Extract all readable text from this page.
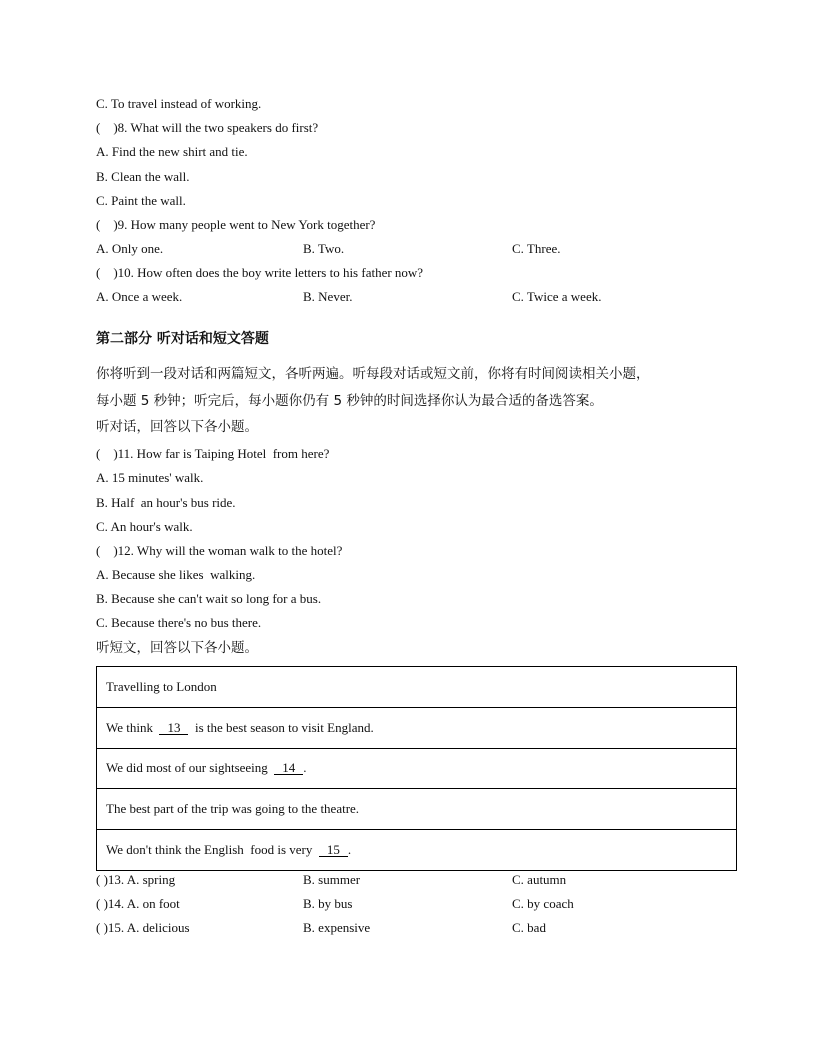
C. To travel instead of working.
(    )8. What will the two speakers do first?
A. Find the new shirt and tie.
B. Clean the wall.
C. Paint the wall.
(    )9. How many people went to New York together?
A. Only one.	B. Two.	C. Three.
(    )10. How often does the boy write letters to his father now?
A. Once a week.	B. Never.	C. Twice a week.
第二部分 听对话和短文答题
你将听到一段对话和两篇短文，各听两遍。听每段对话或短文前，你将有时间阅读相关小题，
每小题 5 秒钟；听完后，每小题你仍有 5 秒钟的时间选择你认为最合适的备选答案。
听对话，回答以下各小题。
(    )11. How far is Taiping Hotel  from here?
A. 15 minutes' walk.
B. Half  an hour's bus ride.
C. An hour's walk.
(    )12. Why will the woman walk to the hotel?
A. Because she likes  walking.
B. Because she can't wait so long for a bus.
C. Because there's no bus there.
听短文，回答以下各小题。
Travelling to London
We think 13 is the best season to visit England.
We did most of our sightseeing 14 .
The best part of the trip was going to the theatre.
We don't think the English  food is very 15 .
( )13. A. spring	B. summer	C. autumn
( )14. A. on foot	B. by bus	C. by coach
( )15. A. delicious	B. expensive	C. bad
